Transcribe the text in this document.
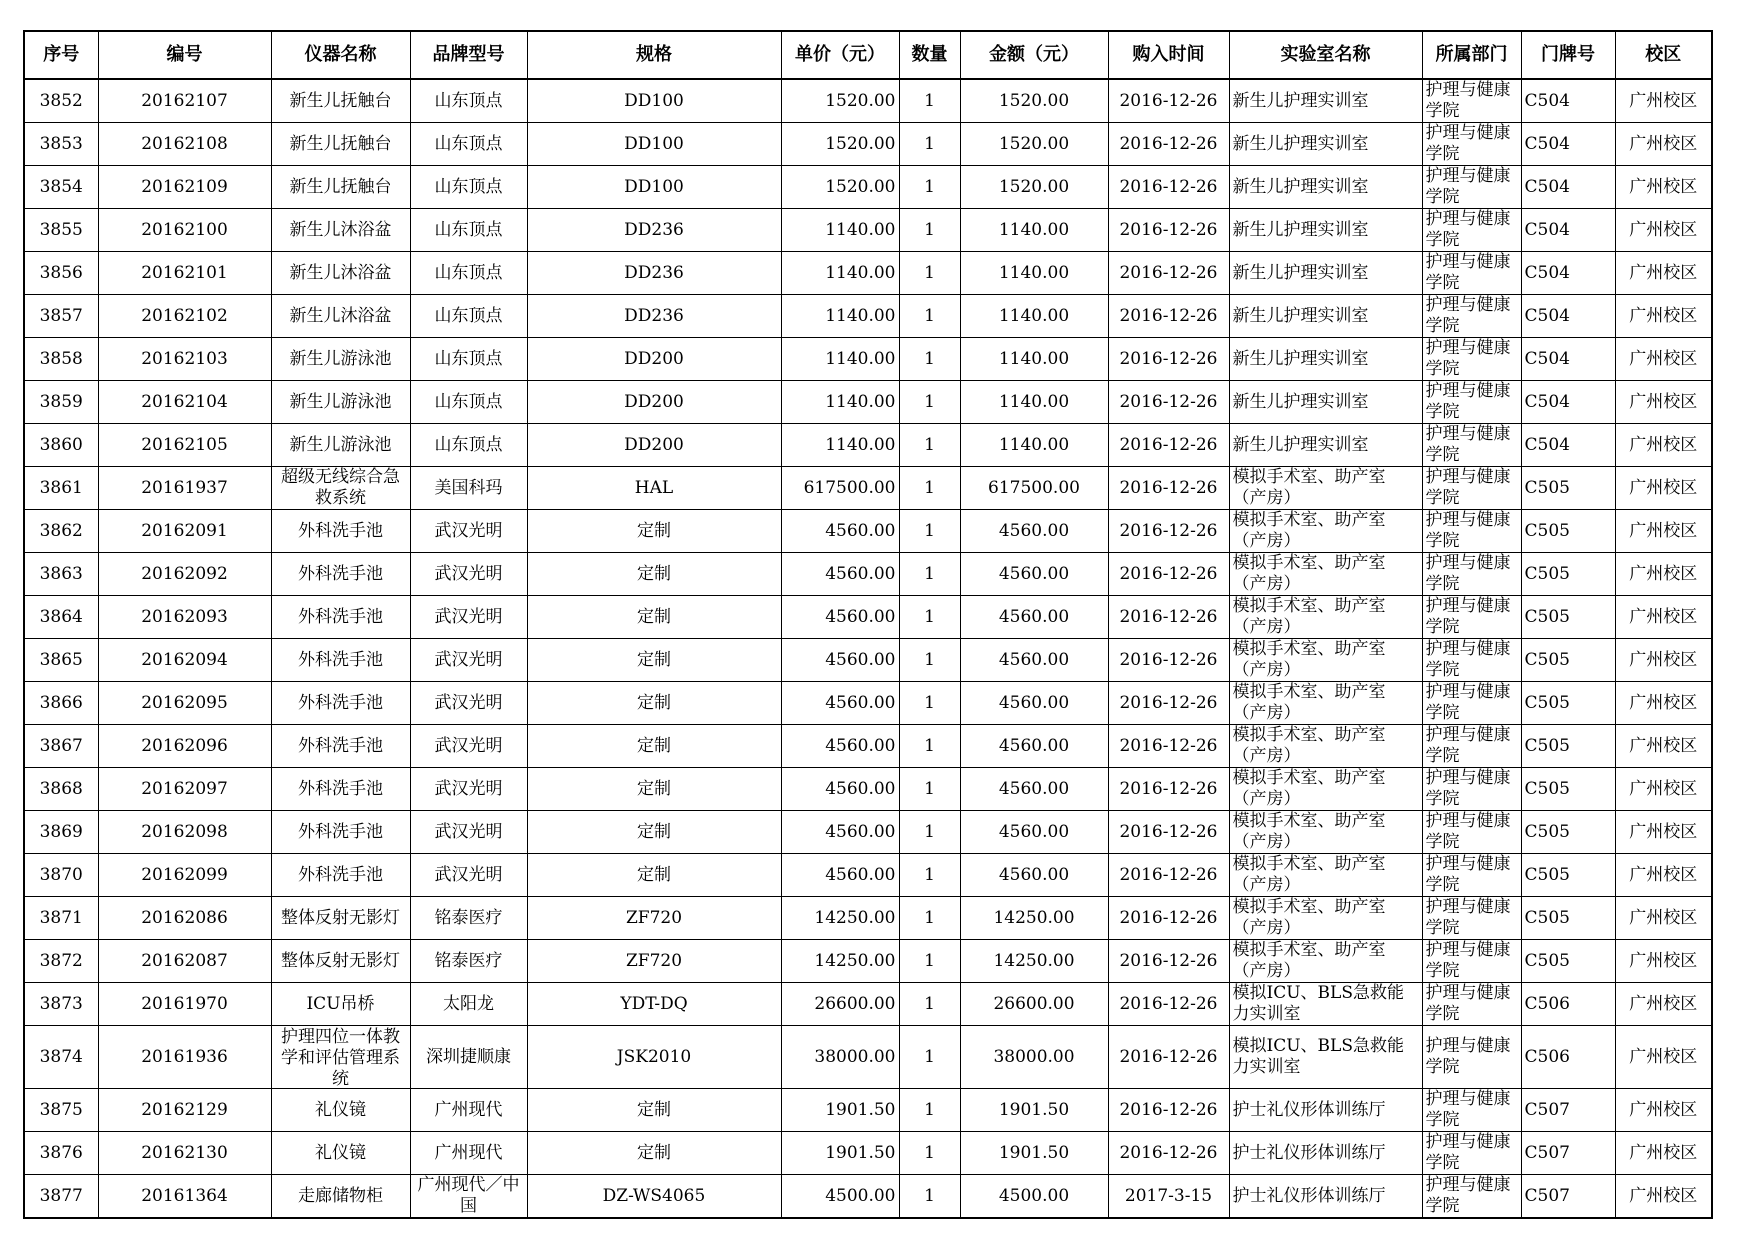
序号	编号	仪器名称	品牌型号	规格	单价（元）	数量	金额（元）	购入时间	实验室名称	所属部门	门牌号	校区
3852	20162107	新生儿抚触台	山东顶点	DD100	1520.00	1	1520.00	2016-12-26	新生儿护理实训室	护理与健康学院	C504	广州校区
3853	20162108	新生儿抚触台	山东顶点	DD100	1520.00	1	1520.00	2016-12-26	新生儿护理实训室	护理与健康学院	C504	广州校区
3854	20162109	新生儿抚触台	山东顶点	DD100	1520.00	1	1520.00	2016-12-26	新生儿护理实训室	护理与健康学院	C504	广州校区
3855	20162100	新生儿沐浴盆	山东顶点	DD236	1140.00	1	1140.00	2016-12-26	新生儿护理实训室	护理与健康学院	C504	广州校区
3856	20162101	新生儿沐浴盆	山东顶点	DD236	1140.00	1	1140.00	2016-12-26	新生儿护理实训室	护理与健康学院	C504	广州校区
3857	20162102	新生儿沐浴盆	山东顶点	DD236	1140.00	1	1140.00	2016-12-26	新生儿护理实训室	护理与健康学院	C504	广州校区
3858	20162103	新生儿游泳池	山东顶点	DD200	1140.00	1	1140.00	2016-12-26	新生儿护理实训室	护理与健康学院	C504	广州校区
3859	20162104	新生儿游泳池	山东顶点	DD200	1140.00	1	1140.00	2016-12-26	新生儿护理实训室	护理与健康学院	C504	广州校区
3860	20162105	新生儿游泳池	山东顶点	DD200	1140.00	1	1140.00	2016-12-26	新生儿护理实训室	护理与健康学院	C504	广州校区
3861	20161937	超级无线综合急救系统	美国科玛	HAL	617500.00	1	617500.00	2016-12-26	模拟手术室、助产室（产房）	护理与健康学院	C505	广州校区
3862	20162091	外科洗手池	武汉光明	定制	4560.00	1	4560.00	2016-12-26	模拟手术室、助产室（产房）	护理与健康学院	C505	广州校区
3863	20162092	外科洗手池	武汉光明	定制	4560.00	1	4560.00	2016-12-26	模拟手术室、助产室（产房）	护理与健康学院	C505	广州校区
3864	20162093	外科洗手池	武汉光明	定制	4560.00	1	4560.00	2016-12-26	模拟手术室、助产室（产房）	护理与健康学院	C505	广州校区
3865	20162094	外科洗手池	武汉光明	定制	4560.00	1	4560.00	2016-12-26	模拟手术室、助产室（产房）	护理与健康学院	C505	广州校区
3866	20162095	外科洗手池	武汉光明	定制	4560.00	1	4560.00	2016-12-26	模拟手术室、助产室（产房）	护理与健康学院	C505	广州校区
3867	20162096	外科洗手池	武汉光明	定制	4560.00	1	4560.00	2016-12-26	模拟手术室、助产室（产房）	护理与健康学院	C505	广州校区
3868	20162097	外科洗手池	武汉光明	定制	4560.00	1	4560.00	2016-12-26	模拟手术室、助产室（产房）	护理与健康学院	C505	广州校区
3869	20162098	外科洗手池	武汉光明	定制	4560.00	1	4560.00	2016-12-26	模拟手术室、助产室（产房）	护理与健康学院	C505	广州校区
3870	20162099	外科洗手池	武汉光明	定制	4560.00	1	4560.00	2016-12-26	模拟手术室、助产室（产房）	护理与健康学院	C505	广州校区
3871	20162086	整体反射无影灯	铭泰医疗	ZF720	14250.00	1	14250.00	2016-12-26	模拟手术室、助产室（产房）	护理与健康学院	C505	广州校区
3872	20162087	整体反射无影灯	铭泰医疗	ZF720	14250.00	1	14250.00	2016-12-26	模拟手术室、助产室（产房）	护理与健康学院	C505	广州校区
3873	20161970	ICU吊桥	太阳龙	YDT-DQ	26600.00	1	26600.00	2016-12-26	模拟ICU、BLS急救能力实训室	护理与健康学院	C506	广州校区
3874	20161936	护理四位一体教学和评估管理系统	深圳捷顺康	JSK2010	38000.00	1	38000.00	2016-12-26	模拟ICU、BLS急救能力实训室	护理与健康学院	C506	广州校区
3875	20162129	礼仪镜	广州现代	定制	1901.50	1	1901.50	2016-12-26	护士礼仪形体训练厅	护理与健康学院	C507	广州校区
3876	20162130	礼仪镜	广州现代	定制	1901.50	1	1901.50	2016-12-26	护士礼仪形体训练厅	护理与健康学院	C507	广州校区
3877	20161364	走廊储物柜	广州现代／中国	DZ-WS4065	4500.00	1	4500.00	2017-3-15	护士礼仪形体训练厅	护理与健康学院	C507	广州校区
